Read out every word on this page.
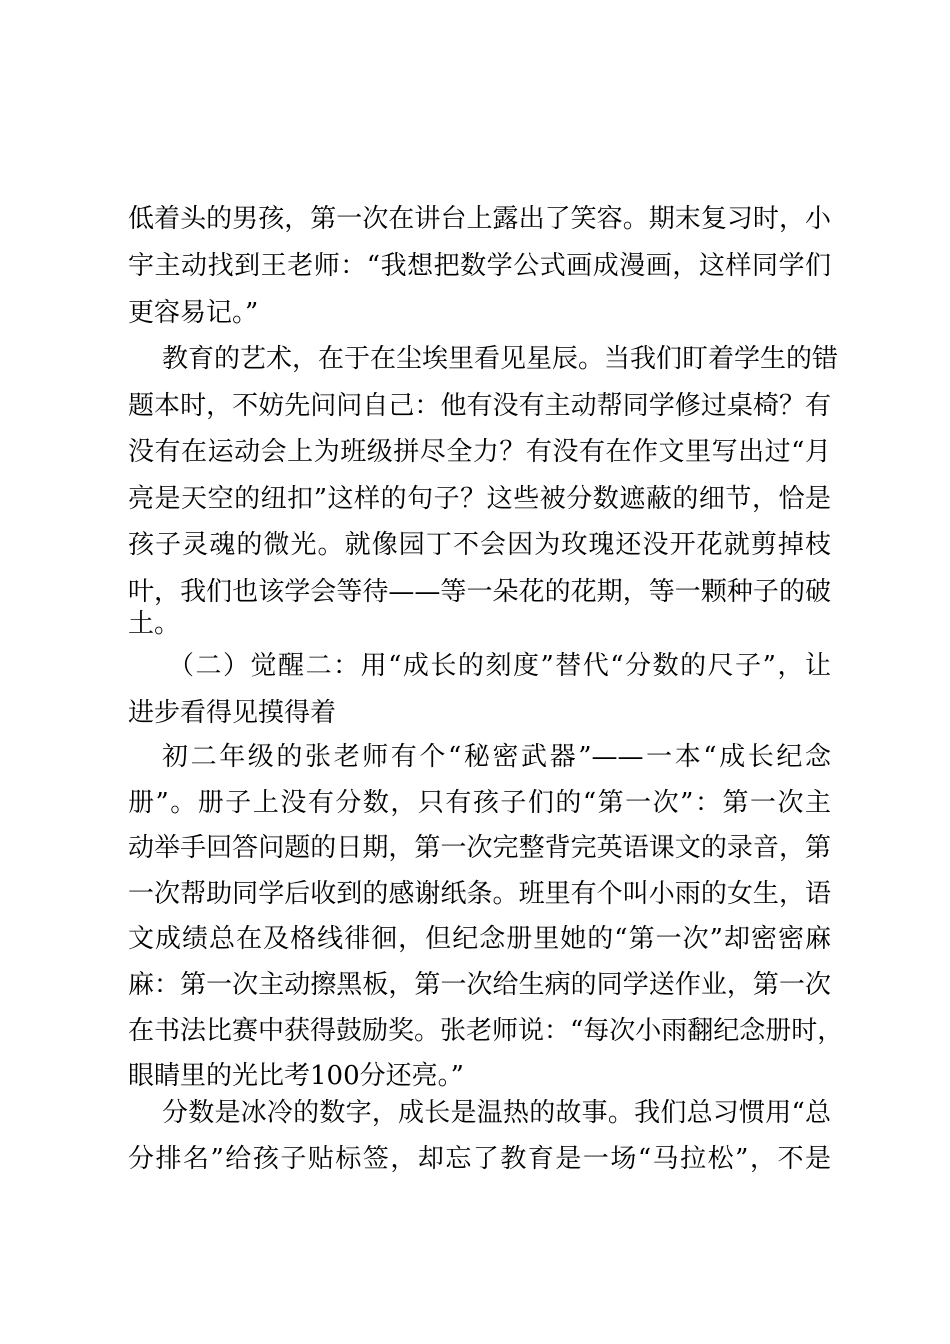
低着头的男孩，第一次在讲台上露出了笑容。期末复习时，小

宇主动找到王老师：“我想把数学公式画成漫画，这样同学们

更容易记。”

教育的艺术，在于在尘埃里看见星辰。当我们盯着学生的错

题本时，不妨先问问自己：他有没有主动帮同学修过桌椅？有

没有在运动会上为班级拼尽全力？有没有在作文里写出过“月

亮是天空的纽扣”这样的句子？这些被分数遮蔽的细节，恰是

孩子灵魂的微光。就像园丁不会因为玫瑰还没开花就剪掉枝

叶，我们也该学会等待——等一朵花的花期，等一颗种子的破

土。

（二）觉醒二：用“成长的刻度”替代“分数的尺子”，让

进步看得见摸得着

初二年级的张老师有个“秘密武器”——一本“成长纪念

册”。册子上没有分数，只有孩子们的“第一次”：第一次主

动举手回答问题的日期，第一次完整背完英语课文的录音，第

一次帮助同学后收到的感谢纸条。班里有个叫小雨的女生，语

文成绩总在及格线徘徊，但纪念册里她的“第一次”却密密麻

麻：第一次主动擦黑板，第一次给生病的同学送作业，第一次

在书法比赛中获得鼓励奖。张老师说：“每次小雨翻纪念册时，

眼睛里的光比考100分还亮。”

分数是冰冷的数字，成长是温热的故事。我们总习惯用“总

分排名”给孩子贴标签，却忘了教育是一场“马拉松”，不是
